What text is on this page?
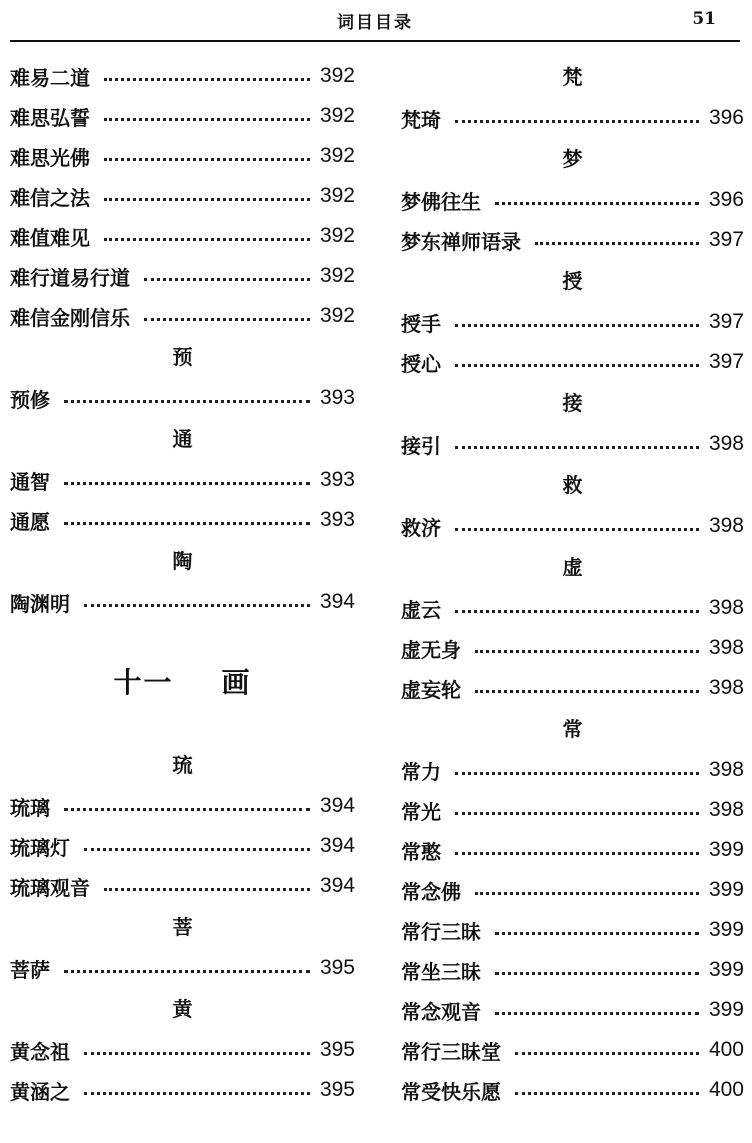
词目目录	51
难易二道	392
难思弘誓	392
难思光佛	392
难信之法	392
难值难见	392
难行道易行道	392
难信金刚信乐	392
预
预修	393
通
通智	393
通愿	393
陶
陶渊明	394
十一 画
琉
琉璃	394
琉璃灯	394
琉璃观音	394
菩
菩萨	395
黄
黄念祖	395
黄涵之	395
梵
梵琦	396
梦
梦佛往生	396
梦东禅师语录	397
授
授手	397
授心	397
接
接引	398
救
救济	398
虚
虚云	398
虚无身	398
虚妄轮	398
常
常力	398
常光	398
常憨	399
常念佛	399
常行三昧	399
常坐三昧	399
常念观音	399
常行三昧堂	400
常受快乐愿	400
